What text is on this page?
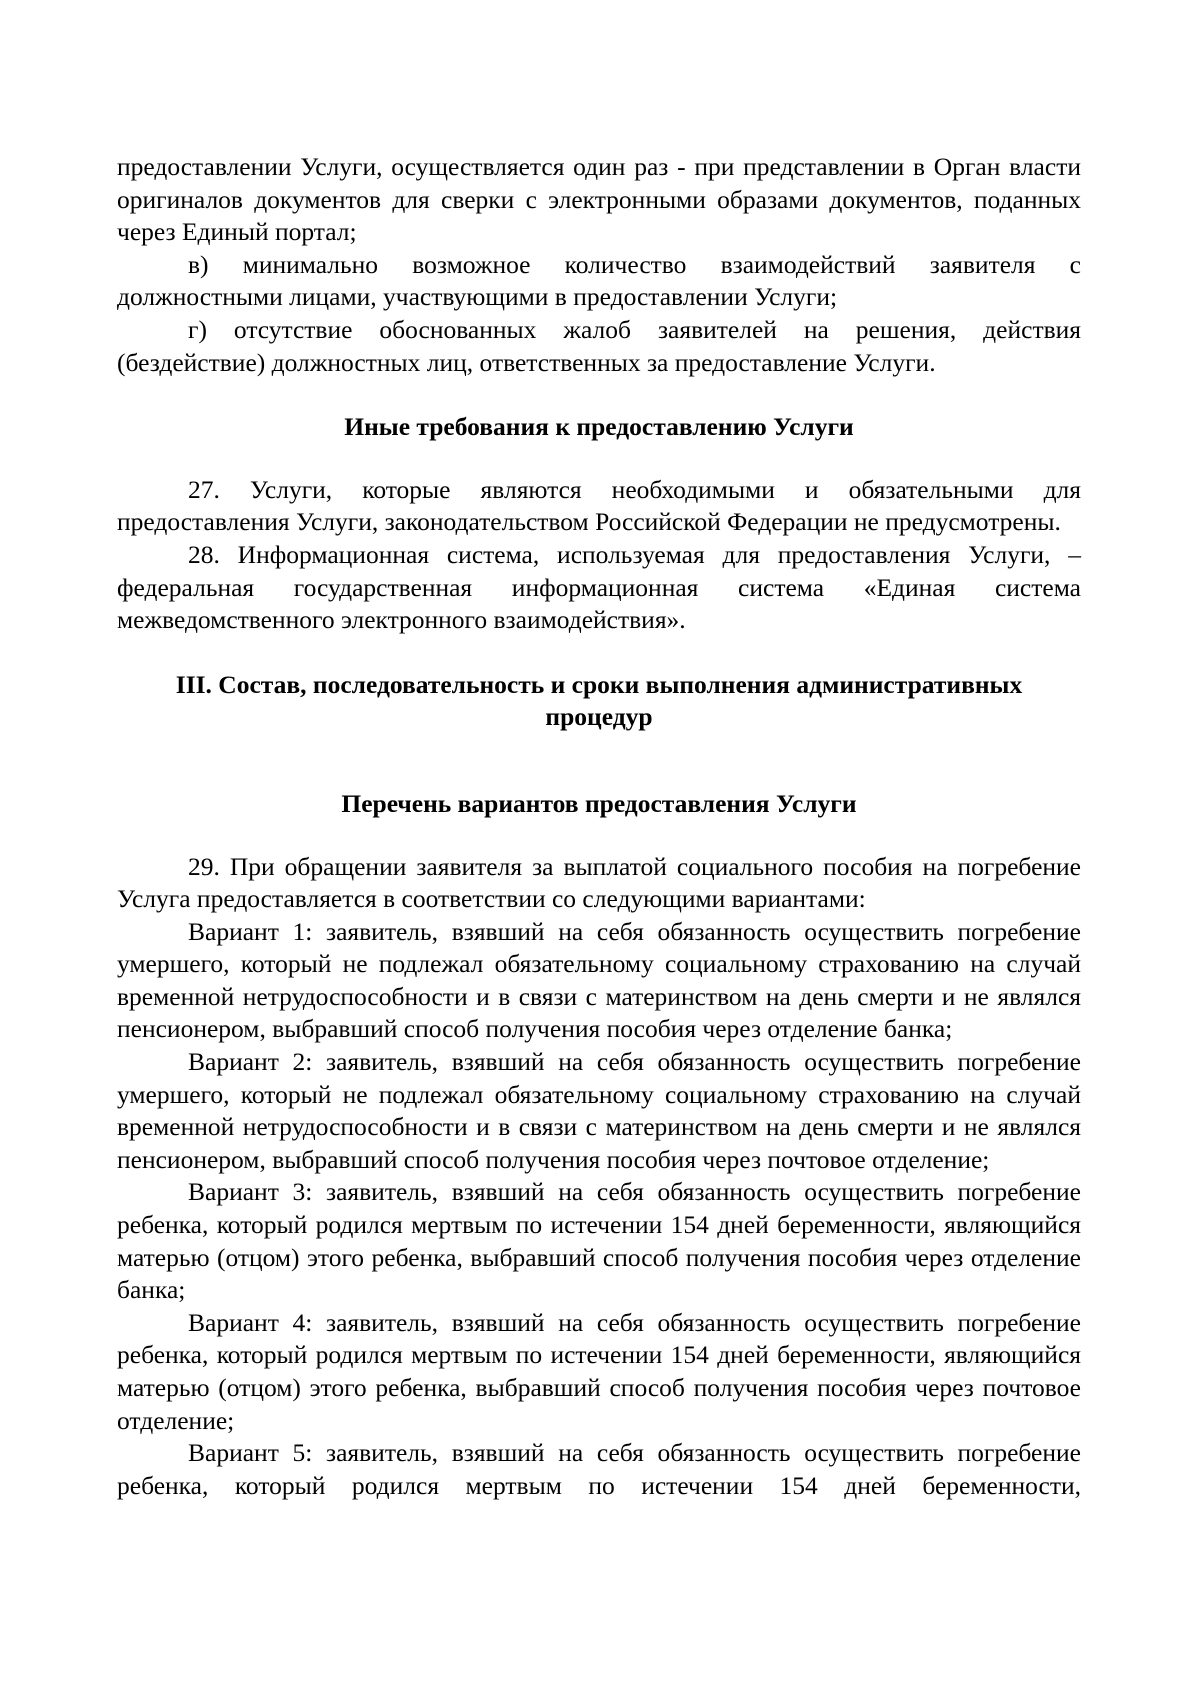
предоставлении Услуги, осуществляется один раз - при представлении в Орган власти оригиналов документов для сверки с электронными образами документов, поданных через Единый портал;

в) минимально возможное количество взаимодействий заявителя с должностными лицами, участвующими в предоставлении Услуги;

г) отсутствие обоснованных жалоб заявителей на решения, действия (бездействие) должностных лиц, ответственных за предоставление Услуги.

Иные требования к предоставлению Услуги

27. Услуги, которые являются необходимыми и обязательными для предоставления Услуги, законодательством Российской Федерации не предусмотрены.

28. Информационная система, используемая для предоставления Услуги, – федеральная государственная информационная система «Единая система межведомственного электронного взаимодействия».

III. Состав, последовательность и сроки выполнения административных

процедур

Перечень вариантов предоставления Услуги

29. При обращении заявителя за выплатой социального пособия на погребение Услуга предоставляется в соответствии со следующими вариантами:

Вариант 1: заявитель, взявший на себя обязанность осуществить погребение умершего, который не подлежал обязательному социальному страхованию на случай временной нетрудоспособности и в связи с материнством на день смерти и не являлся пенсионером, выбравший способ получения пособия через отделение банка;

Вариант 2: заявитель, взявший на себя обязанность осуществить погребение умершего, который не подлежал обязательному социальному страхованию на случай временной нетрудоспособности и в связи с материнством на день смерти и не являлся пенсионером, выбравший способ получения пособия через почтовое отделение;

Вариант 3: заявитель, взявший на себя обязанность осуществить погребение ребенка, который родился мертвым по истечении 154 дней беременности, являющийся матерью (отцом) этого ребенка, выбравший способ получения пособия через отделение банка;

Вариант 4: заявитель, взявший на себя обязанность осуществить погребение ребенка, который родился мертвым по истечении 154 дней беременности, являющийся матерью (отцом) этого ребенка, выбравший способ получения пособия через почтовое отделение;

Вариант 5: заявитель, взявший на себя обязанность осуществить погребение ребенка, который родился мертвым по истечении 154 дней беременности,
